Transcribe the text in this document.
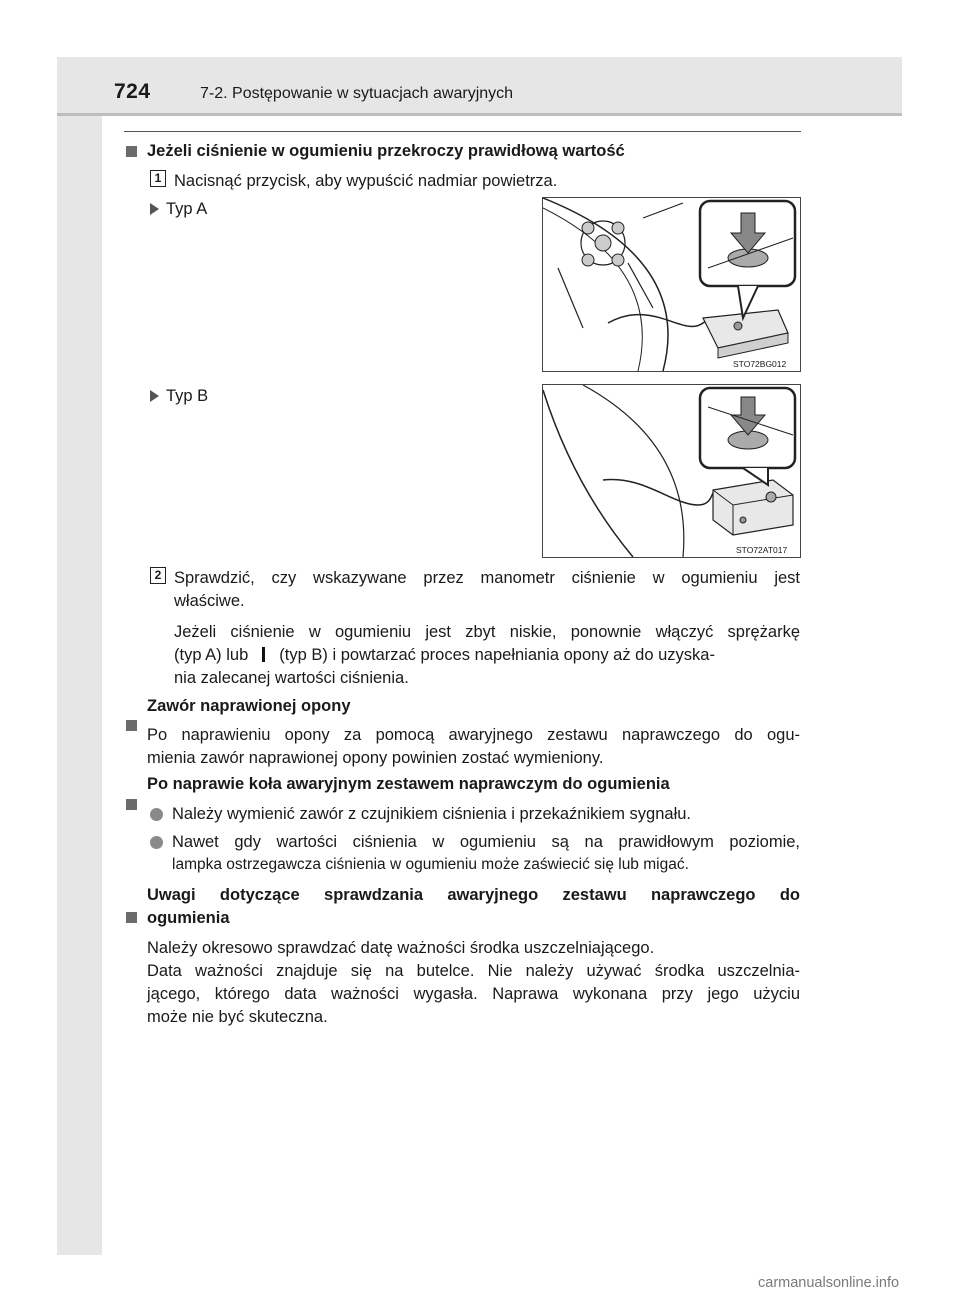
724	7-2. Postępowanie w sytuacjach awaryjnych
Jeżeli ciśnienie w ogumieniu przekroczy prawidłową wartość
1 Nacisnąć przycisk, aby wypuścić nadmiar powietrza.
Typ A
STO72BG012
Typ B
STO72AT017
2 Sprawdzić, czy wskazywane przez manometr ciśnienie w ogumieniu jest
właściwe.
Jeżeli ciśnienie w ogumieniu jest zbyt niskie, ponownie włączyć sprężarkę
(typ A) lub (typ B) i powtarzać proces napełniania opony aż do uzyska-
nia zalecanej wartości ciśnienia.
Zawór naprawionej opony
Po naprawieniu opony za pomocą awaryjnego zestawu naprawczego do ogu-
mienia zawór naprawionej opony powinien zostać wymieniony.
Po naprawie koła awaryjnym zestawem naprawczym do ogumienia
Należy wymienić zawór z czujnikiem ciśnienia i przekaźnikiem sygnału.
Nawet gdy wartości ciśnienia w ogumieniu są na prawidłowym poziomie,
lampka ostrzegawcza ciśnienia w ogumieniu może zaświecić się lub migać.
Uwagi dotyczące sprawdzania awaryjnego zestawu naprawczego do
ogumienia
Należy okresowo sprawdzać datę ważności środka uszczelniającego.
Data ważności znajduje się na butelce. Nie należy używać środka uszczelnia-
jącego, którego data ważności wygasła. Naprawa wykonana przy jego użyciu
może nie być skuteczna.
carmanualsonline.info
